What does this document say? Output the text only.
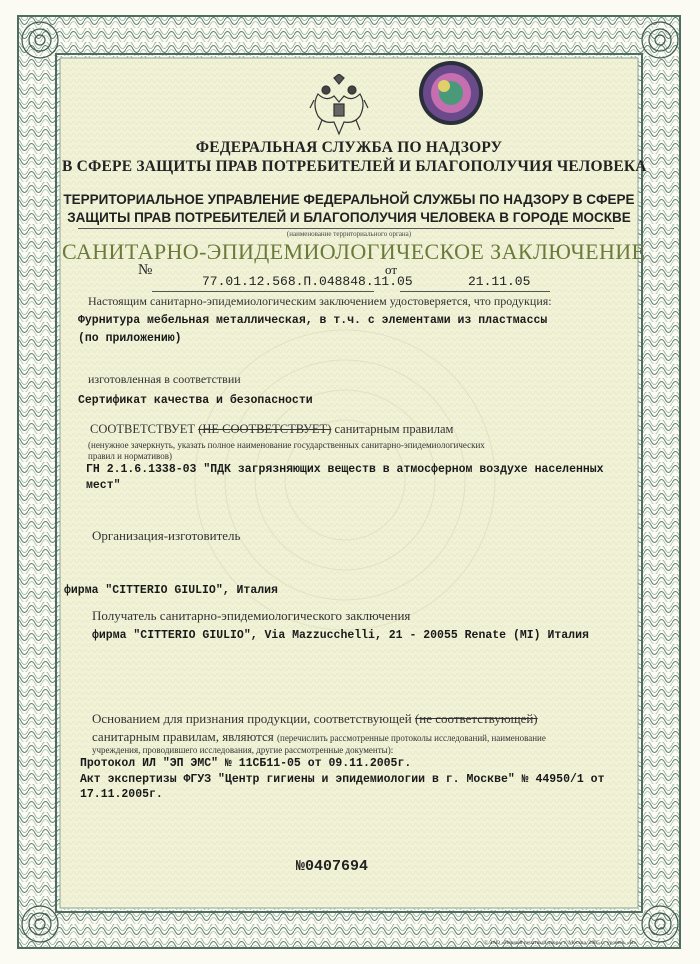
ФЕДЕРАЛЬНАЯ СЛУЖБА ПО НАДЗОРУ
В СФЕРЕ ЗАЩИТЫ ПРАВ ПОТРЕБИТЕЛЕЙ И БЛАГОПОЛУЧИЯ ЧЕЛОВЕКА
ТЕРРИТОРИАЛЬНОЕ УПРАВЛЕНИЕ ФЕДЕРАЛЬНОЙ СЛУЖБЫ ПО НАДЗОРУ В СФЕРЕ
ЗАЩИТЫ ПРАВ ПОТРЕБИТЕЛЕЙ И БЛАГОПОЛУЧИЯ ЧЕЛОВЕКА В ГОРОДЕ МОСКВЕ
(наименование территориального органа)
САНИТАРНО-ЭПИДЕМИОЛОГИЧЕСКОЕ ЗАКЛЮЧЕНИЕ
№
77.01.12.568.П.048848.11.05
от
21.11.05
Настоящим санитарно-эпидемиологическим заключением удостоверяется, что продукция:
Фурнитура мебельная металлическая, в т.ч. с элементами из пластмассы
(по приложению)
изготовленная в соответствии
Сертификат качества и безопасности
СООТВЕТСТВУЕТ (НЕ СООТВЕТСТВУЕТ) санитарным правилам
(ненужное зачеркнуть, указать полное наименование государственных санитарно-эпидемиологических
правил и нормативов)
ГН 2.1.6.1338-03 "ПДК загрязняющих веществ в атмосферном воздухе населенных
мест"
Организация-изготовитель
фирма "CITTERIO GIULIO", Италия
Получатель санитарно-эпидемиологического заключения
фирма "CITTERIO GIULIO", Via Mazzucchelli, 21 - 20055 Renate (MI) Италия
Основанием для признания продукции, соответствующей (не соответствующей)
санитарным правилам, являются (перечислить рассмотренные протоколы исследований, наименование
учреждения, проводившего исследования, другие рассмотренные документы):
Протокол ИЛ "ЭП ЭМС" № 11СБ11-05 от 09.11.2005г.
Акт экспертизы ФГУЗ "Центр гигиены и эпидемиологии в г. Москве" № 44950/1 от
17.11.2005г.
№0407694
© ЗАО «Первый печатный двор», г. Москва, 2005 г., уровень «В»
